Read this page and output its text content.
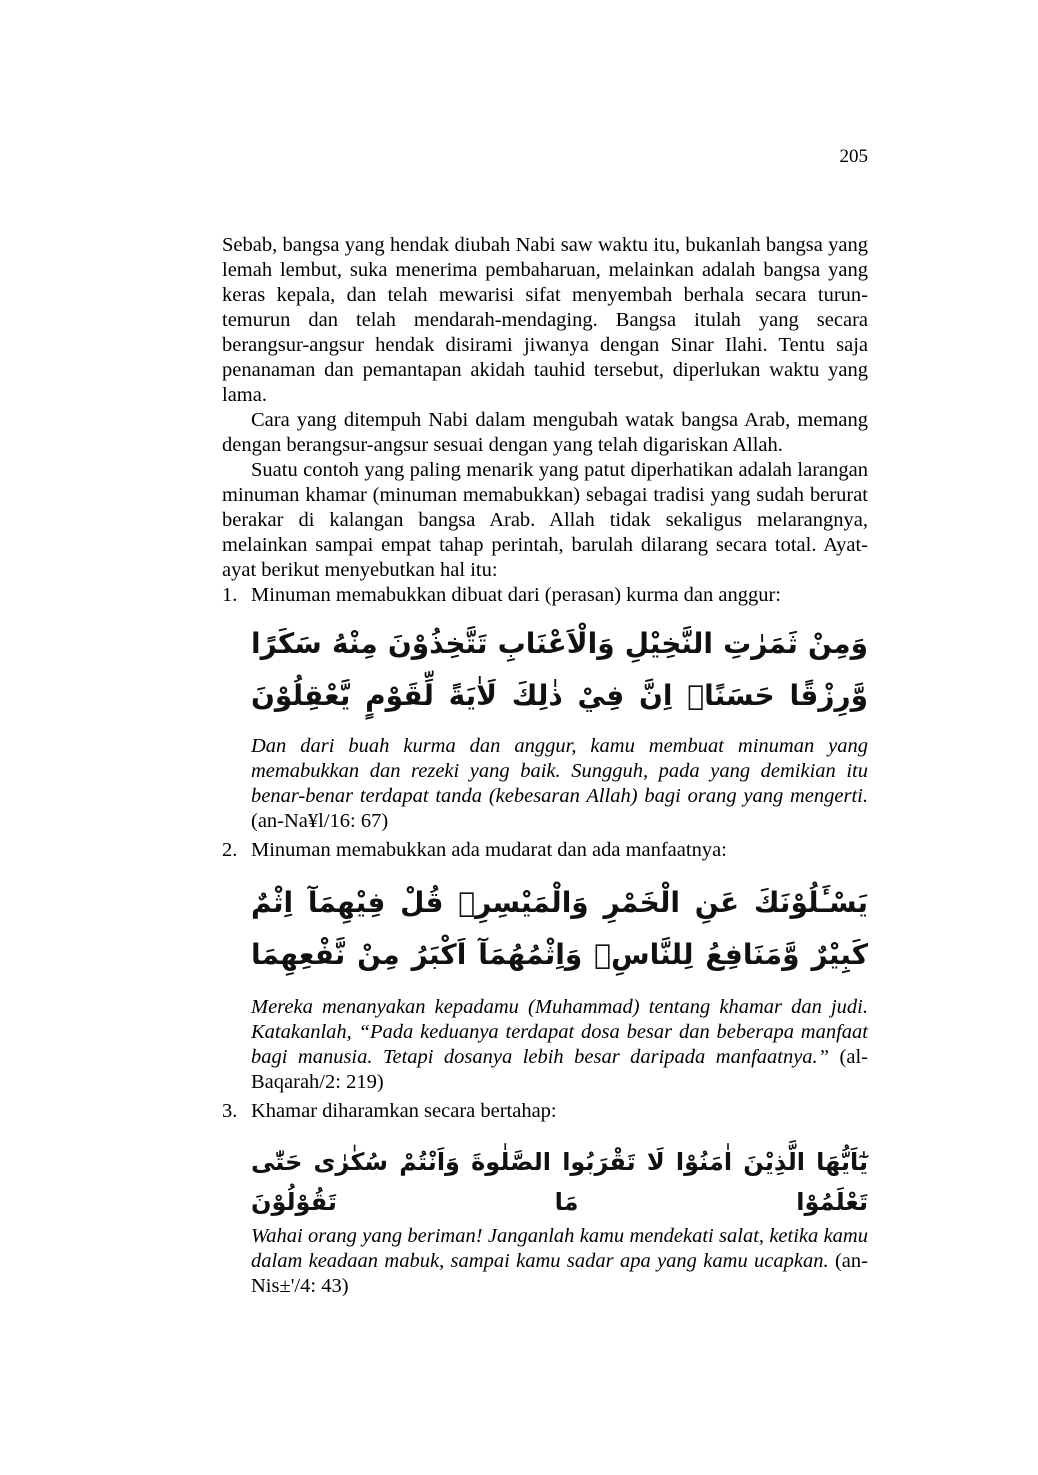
205

Sebab, bangsa yang hendak diubah Nabi saw waktu itu, bukanlah bangsa yang lemah lembut, suka menerima pembaharuan, melainkan adalah bangsa yang keras kepala, dan telah mewarisi sifat menyembah berhala secara turun-temurun dan telah mendarah-mendaging. Bangsa itulah yang secara berangsur-angsur hendak disirami jiwanya dengan Sinar Ilahi. Tentu saja penanaman dan pemantapan akidah tauhid tersebut, diperlukan waktu yang lama.

Cara yang ditempuh Nabi dalam mengubah watak bangsa Arab, memang dengan berangsur-angsur sesuai dengan yang telah digariskan Allah.

Suatu contoh yang paling menarik yang patut diperhatikan adalah larangan minuman khamar (minuman memabukkan) sebagai tradisi yang sudah berurat berakar di kalangan bangsa Arab. Allah tidak sekaligus melarangnya, melainkan sampai empat tahap perintah, barulah dilarang secara total. Ayat-ayat berikut menyebutkan hal itu:

1. Minuman memabukkan dibuat dari (perasan) kurma dan anggur:
وَمِنْ ثَمَرٰتِ النَّخِيْلِ وَالْاَعْنَابِ تَتَّخِذُوْنَ مِنْهُ سَكَرًا
وَّرِزْقًا حَسَنًاۗ اِنَّ فِيْ ذٰلِكَ لَاٰيَةً لِّقَوْمٍ يَّعْقِلُوْنَ

Dan dari buah kurma dan anggur, kamu membuat minuman yang memabukkan dan rezeki yang baik. Sungguh, pada yang demikian itu benar-benar terdapat tanda (kebesaran Allah) bagi orang yang mengerti. (an-Na¥l/16: 67)

2. Minuman memabukkan ada mudarat dan ada manfaatnya:
يَسْـَٔلُوْنَكَ عَنِ الْخَمْرِ وَالْمَيْسِرِۗ قُلْ فِيْهِمَآ اِثْمٌ
كَبِيْرٌ وَّمَنَافِعُ لِلنَّاسِۖ وَاِثْمُهُمَآ اَكْبَرُ مِنْ نَّفْعِهِمَا

Mereka menanyakan kepadamu (Muhammad) tentang khamar dan judi. Katakanlah, “Pada keduanya terdapat dosa besar dan beberapa manfaat bagi manusia. Tetapi dosanya lebih besar daripada manfaatnya.” (al-Baqarah/2: 219)

3. Khamar diharamkan secara bertahap:
يٰٓاَيُّهَا الَّذِيْنَ اٰمَنُوْا لَا تَقْرَبُوا الصَّلٰوةَ وَاَنْتُمْ سُكٰرٰى حَتّٰى تَعْلَمُوْا مَا تَقُوْلُوْنَ

Wahai orang yang beriman! Janganlah kamu mendekati salat, ketika kamu dalam keadaan mabuk, sampai kamu sadar apa yang kamu ucapkan. (an-Nis±'/4: 43)
